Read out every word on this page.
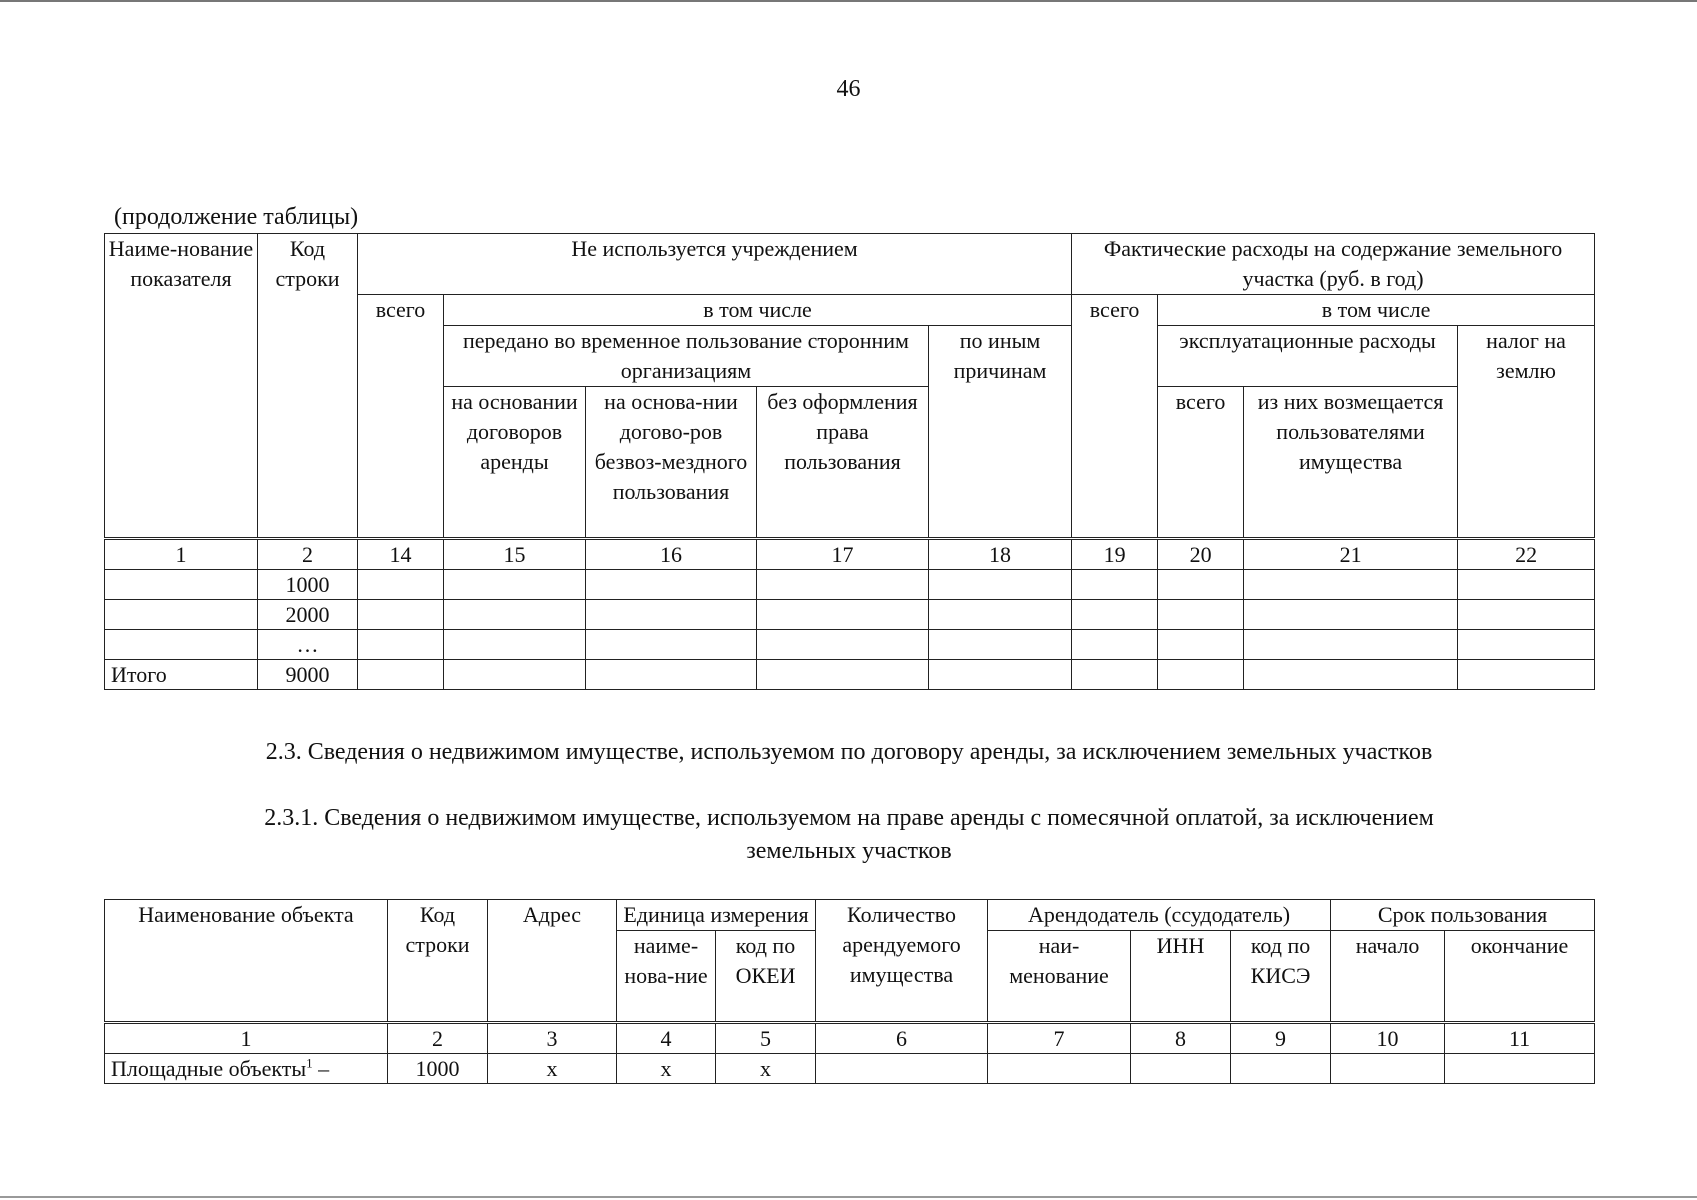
46
(продолжение таблицы)
Наиме-нование показателя	Код строки	Не используется учреждением					Фактические расходы на содержание земельного участка (руб. в год)			
		всего	в том числе				всего	в том числе		
			передано во временное пользование сторонним организациям			по иным причинам		эксплуатационные расходы		налог на землю
			на основании договоров аренды	на основа-нии догово-ров безвоз-мездного пользования	без оформления права пользования			всего	из них возмещается пользователями имущества	
1	2	14	15	16	17	18	19	20	21	22
	1000									
	2000									
	…									
Итого	9000									
2.3. Сведения о недвижимом имуществе, используемом по договору аренды, за исключением земельных участков
2.3.1. Сведения о недвижимом имуществе, используемом на праве аренды с помесячной оплатой, за исключением
земельных участков
Наименование объекта	Код строки	Адрес	Единица измерения		Количество арендуемого имущества	Арендодатель (ссудодатель)			Срок пользования	
			наиме-нова-ние	код по ОКЕИ		наи-менование	ИНН	код по КИСЭ	начало	окончание
1	2	3	4	5	6	7	8	9	10	11
Площадные объекты$^1$ –	1000	х	х	х						
